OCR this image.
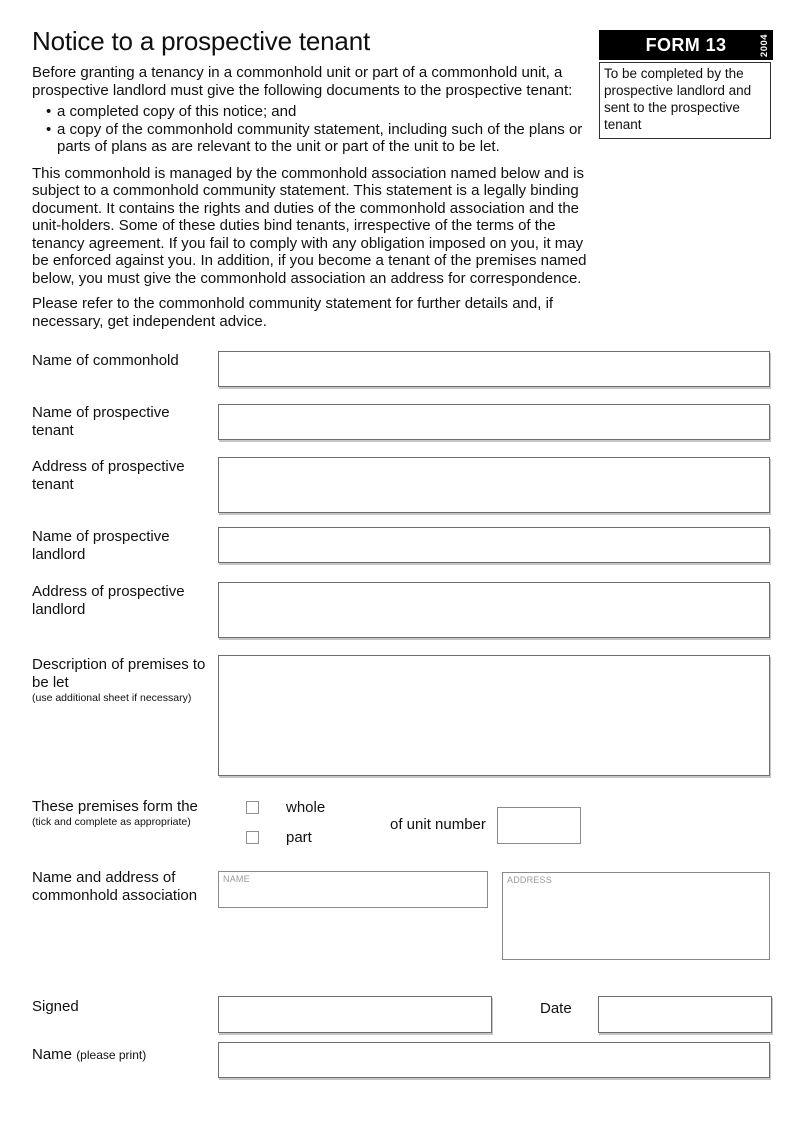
Notice to a prospective tenant	FORM 13	2004
To be completed by the prospective landlord and sent to the prospective tenant

Before granting a tenancy in a commonhold unit or part of a commonhold unit, a prospective landlord must give the following documents to the prospective tenant:

• a completed copy of this notice; and
• a copy of the commonhold community statement, including such of the plans or parts of plans as are relevant to the unit or part of the unit to be let.

This commonhold is managed by the commonhold association named below and is subject to a commonhold community statement. This statement is a legally binding document. It contains the rights and duties of the commonhold association and the unit-holders. Some of these duties bind tenants, irrespective of the terms of the tenancy agreement. If you fail to comply with any obligation imposed on you, it may be enforced against you. In addition, if you become a tenant of the premises named below, you must give the commonhold association an address for correspondence.

Please refer to the commonhold community statement for further details and, if necessary, get independent advice.

Name of commonhold
Name of prospective tenant
Address of prospective tenant
Name of prospective landlord
Address of prospective landlord
Description of premises to be let
(use additional sheet if necessary)
These premises form the
(tick and complete as appropriate)
whole
part
of unit number
Name and address of commonhold association
NAME
ADDRESS
Signed	Date
Name (please print)
